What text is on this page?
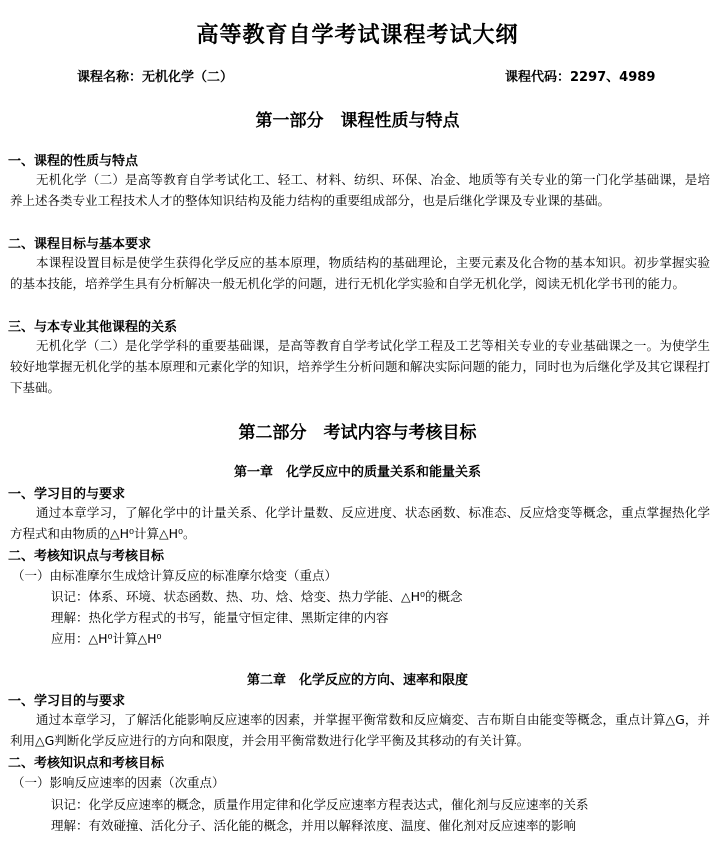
高等教育自学考试课程考试大纲
课程名称：无机化学（二）	课程代码：2297、4989
第一部分　课程性质与特点
一、课程的性质与特点
无机化学（二）是高等教育自学考试化工、轻工、材料、纺织、环保、冶金、地质等有关专业的第一门化学基础课，是培养上述各类专业工程技术人才的整体知识结构及能力结构的重要组成部分，也是后继化学课及专业课的基础。
二、课程目标与基本要求
本课程设置目标是使学生获得化学反应的基本原理，物质结构的基础理论，主要元素及化合物的基本知识。初步掌握实验的基本技能，培养学生具有分析解决一般无机化学的问题，进行无机化学实验和自学无机化学，阅读无机化学书刊的能力。
三、与本专业其他课程的关系
无机化学（二）是化学学科的重要基础课，是高等教育自学考试化学工程及工艺等相关专业的专业基础课之一。为使学生较好地掌握无机化学的基本原理和元素化学的知识，培养学生分析问题和解决实际问题的能力，同时也为后继化学及其它课程打下基础。
第二部分　考试内容与考核目标
第一章　化学反应中的质量关系和能量关系
一、学习目的与要求
通过本章学习，了解化学中的计量关系、化学计量数、反应进度、状态函数、标准态、反应焓变等概念，重点掌握热化学方程式和由物质的△H⁰计算△H⁰。
二、考核知识点与考核目标
（一）由标准摩尔生成焓计算反应的标准摩尔焓变（重点）
识记：体系、环境、状态函数、热、功、焓、焓变、热力学能、△H⁰的概念
理解：热化学方程式的书写，能量守恒定律、黑斯定律的内容
应用：△H⁰计算△H⁰
第二章　化学反应的方向、速率和限度
一、学习目的与要求
通过本章学习，了解活化能影响反应速率的因素，并掌握平衡常数和反应熵変、吉布斯自由能变等概念，重点计算△G，并利用△G判断化学反应进行的方向和限度，并会用平衡常数进行化学平衡及其移动的有关计算。
二、考核知识点和考核目标
（一）影响反应速率的因素（次重点）
识记：化学反应速率的概念，质量作用定律和化学反应速率方程表达式，催化剂与反应速率的关系
理解：有效碰撞、活化分子、活化能的概念，并用以解释浓度、温度、催化剂对反应速率的影响
